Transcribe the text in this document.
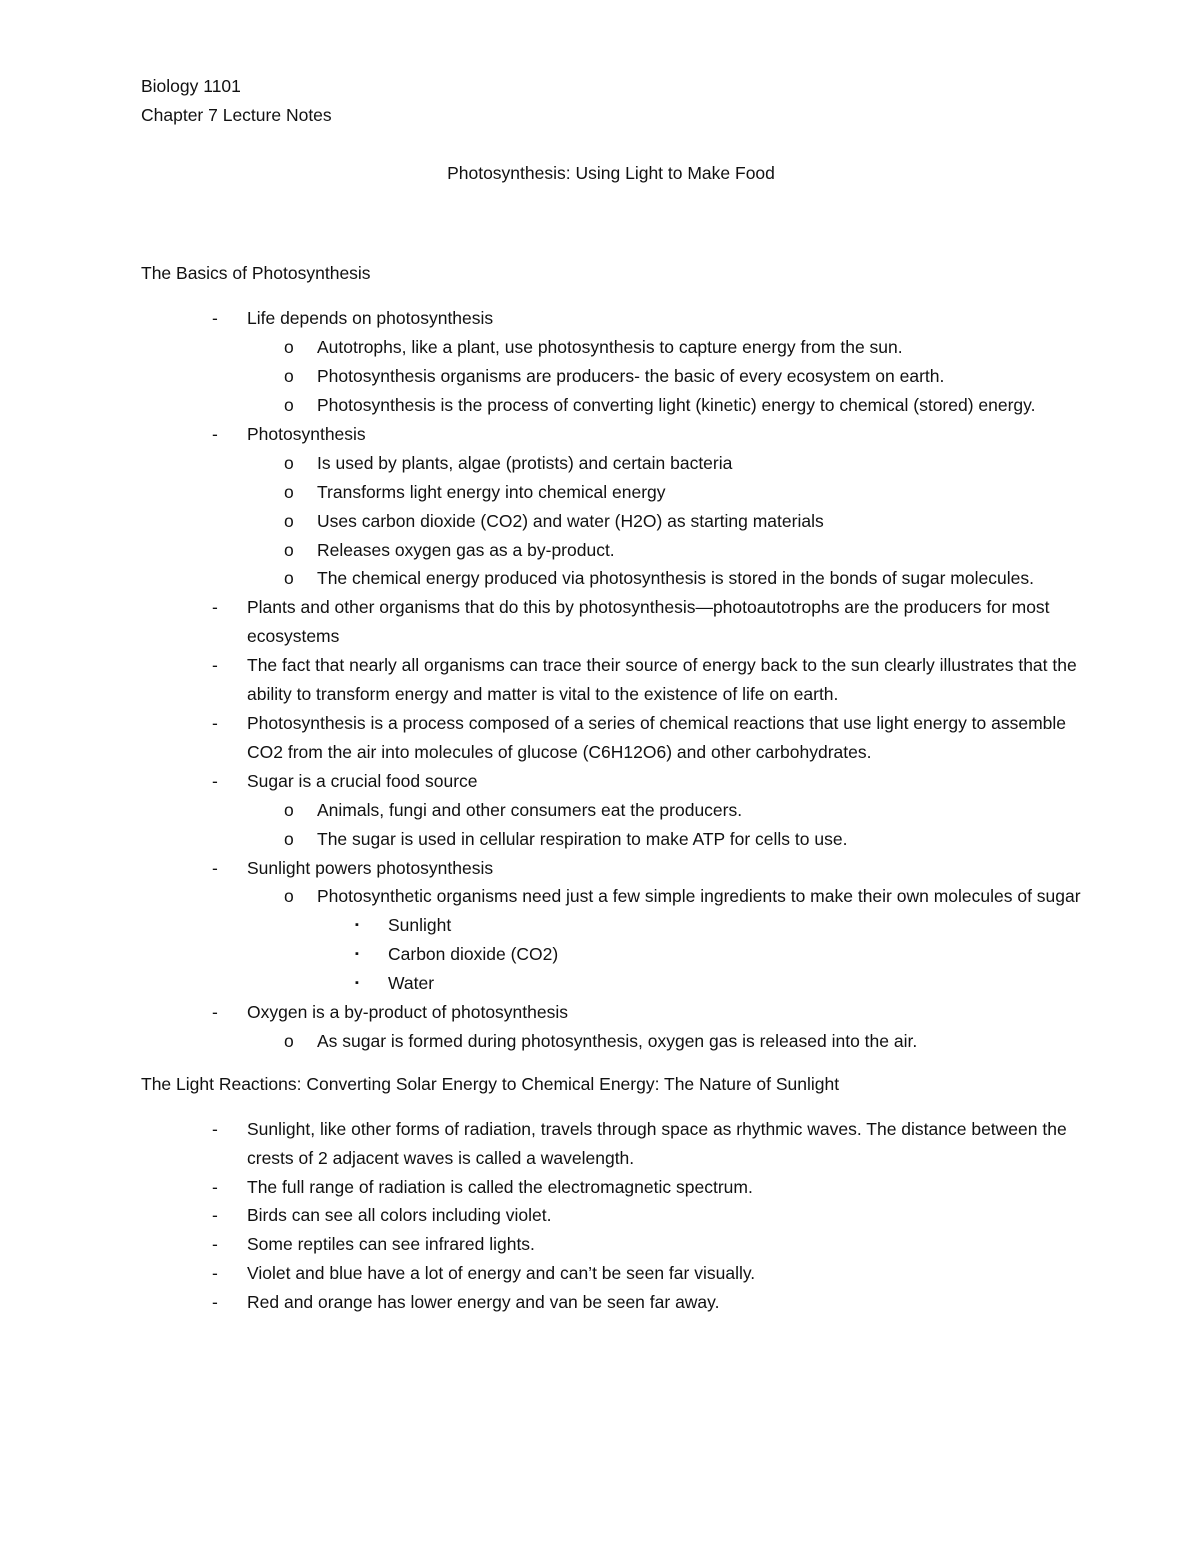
Biology 1101
Chapter 7 Lecture Notes
Photosynthesis: Using Light to Make Food
The Basics of Photosynthesis
- Life depends on photosynthesis
o Autotrophs, like a plant, use photosynthesis to capture energy from the sun.
o Photosynthesis organisms are producers- the basic of every ecosystem on earth.
o Photosynthesis is the process of converting light (kinetic) energy to chemical (stored) energy.
- Photosynthesis
o Is used by plants, algae (protists) and certain bacteria
o Transforms light energy into chemical energy
o Uses carbon dioxide (CO2) and water (H2O) as starting materials
o Releases oxygen gas as a by-product.
o The chemical energy produced via photosynthesis is stored in the bonds of sugar molecules.
- Plants and other organisms that do this by photosynthesis—photoautotrophs are the producers for most ecosystems
- The fact that nearly all organisms can trace their source of energy back to the sun clearly illustrates that the ability to transform energy and matter is vital to the existence of life on earth.
- Photosynthesis is a process composed of a series of chemical reactions that use light energy to assemble CO2 from the air into molecules of glucose (C6H12O6) and other carbohydrates.
- Sugar is a crucial food source
o Animals, fungi and other consumers eat the producers.
o The sugar is used in cellular respiration to make ATP for cells to use.
- Sunlight powers photosynthesis
o Photosynthetic organisms need just a few simple ingredients to make their own molecules of sugar
▪ Sunlight
▪ Carbon dioxide (CO2)
▪ Water
- Oxygen is a by-product of photosynthesis
o As sugar is formed during photosynthesis, oxygen gas is released into the air.
The Light Reactions: Converting Solar Energy to Chemical Energy: The Nature of Sunlight
- Sunlight, like other forms of radiation, travels through space as rhythmic waves. The distance between the crests of 2 adjacent waves is called a wavelength.
- The full range of radiation is called the electromagnetic spectrum.
- Birds can see all colors including violet.
- Some reptiles can see infrared lights.
- Violet and blue have a lot of energy and can’t be seen far visually.
- Red and orange has lower energy and van be seen far away.
